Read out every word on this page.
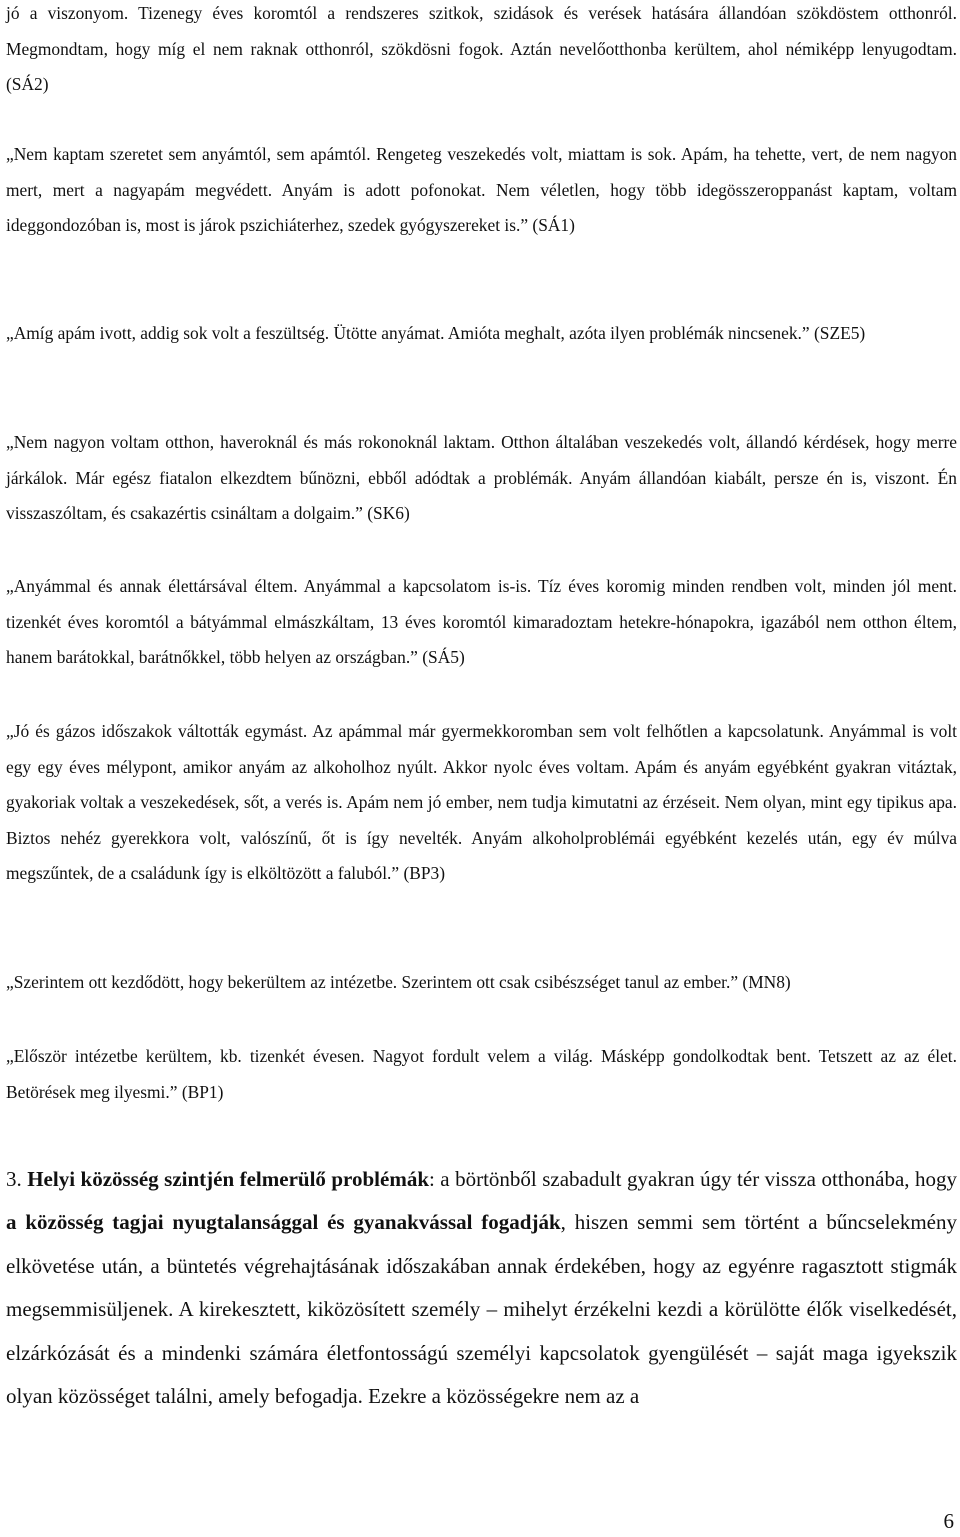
jó a viszonyom. Tizenegy éves koromtól a rendszeres szitkok, szidások és verések hatására állandóan szökdöstem otthonról. Megmondtam, hogy míg el nem raknak otthonról, szökdösni fogok. Aztán nevelőotthonba kerültem, ahol némiképp lenyugodtam. (SÁ2)

„Nem kaptam szeretet sem anyámtól, sem apámtól. Rengeteg veszekedés volt, miattam is sok. Apám, ha tehette, vert, de nem nagyon mert, mert a nagyapám megvédett. Anyám is adott pofonokat. Nem véletlen, hogy több idegösszeroppanást kaptam, voltam ideggondozóban is, most is járok pszichiáterhez, szedek gyógyszereket is.” (SÁ1)

„Amíg apám ivott, addig sok volt a feszültség. Ütötte anyámat. Amióta meghalt, azóta ilyen problémák nincsenek.” (SZE5)

„Nem nagyon voltam otthon, haveroknál és más rokonoknál laktam. Otthon általában veszekedés volt, állandó kérdések, hogy merre járkálok. Már egész fiatalon elkezdtem bűnözni, ebből adódtak a problémák. Anyám állandóan kiabált, persze én is, viszont. Én visszaszóltam, és csakazértis csináltam a dolgaim.” (SK6)

„Anyámmal és annak élettársával éltem. Anyámmal a kapcsolatom is-is. Tíz éves koromig minden rendben volt, minden jól ment. tizenkét éves koromtól a bátyámmal elmászkáltam, 13 éves koromtól kimaradoztam hetekre-hónapokra, igazából nem otthon éltem, hanem barátokkal, barátnőkkel, több helyen az országban.” (SÁ5)

„Jó és gázos időszakok váltották egymást. Az apámmal már gyermekkoromban sem volt felhőtlen a kapcsolatunk. Anyámmal is volt egy egy éves mélypont, amikor anyám az alkoholhoz nyúlt. Akkor nyolc éves voltam. Apám és anyám egyébként gyakran vitáztak, gyakoriak voltak a veszekedések, sőt, a verés is. Apám nem jó ember, nem tudja kimutatni az érzéseit. Nem olyan, mint egy tipikus apa. Biztos nehéz gyerekkora volt, valószínű, őt is így nevelték. Anyám alkoholproblémái egyébként kezelés után, egy év múlva megszűntek, de a családunk így is elköltözött a faluból.” (BP3)

„Szerintem ott kezdődött, hogy bekerültem az intézetbe. Szerintem ott csak csibészséget tanul az ember.” (MN8)

„Először intézetbe kerültem, kb. tizenkét évesen. Nagyot fordult velem a világ. Másképp gondolkodtak bent. Tetszett az az élet. Betörések meg ilyesmi.” (BP1)

3. Helyi közösség szintjén felmerülő problémák: a börtönből szabadult gyakran úgy tér vissza otthonába, hogy a közösség tagjai nyugtalansággal és gyanakvással fogadják, hiszen semmi sem történt a bűncselekmény elkövetése után, a büntetés végrehajtásának időszakában annak érdekében, hogy az egyénre ragasztott stigmák megsemmisüljenek. A kirekesztett, kiközösített személy – mihelyt érzékelni kezdi a körülötte élők viselkedését, elzárkózását és a mindenki számára életfontosságú személyi kapcsolatok gyengülését – saját maga igyekszik olyan közösséget találni, amely befogadja. Ezekre a közösségekre nem az a

6
